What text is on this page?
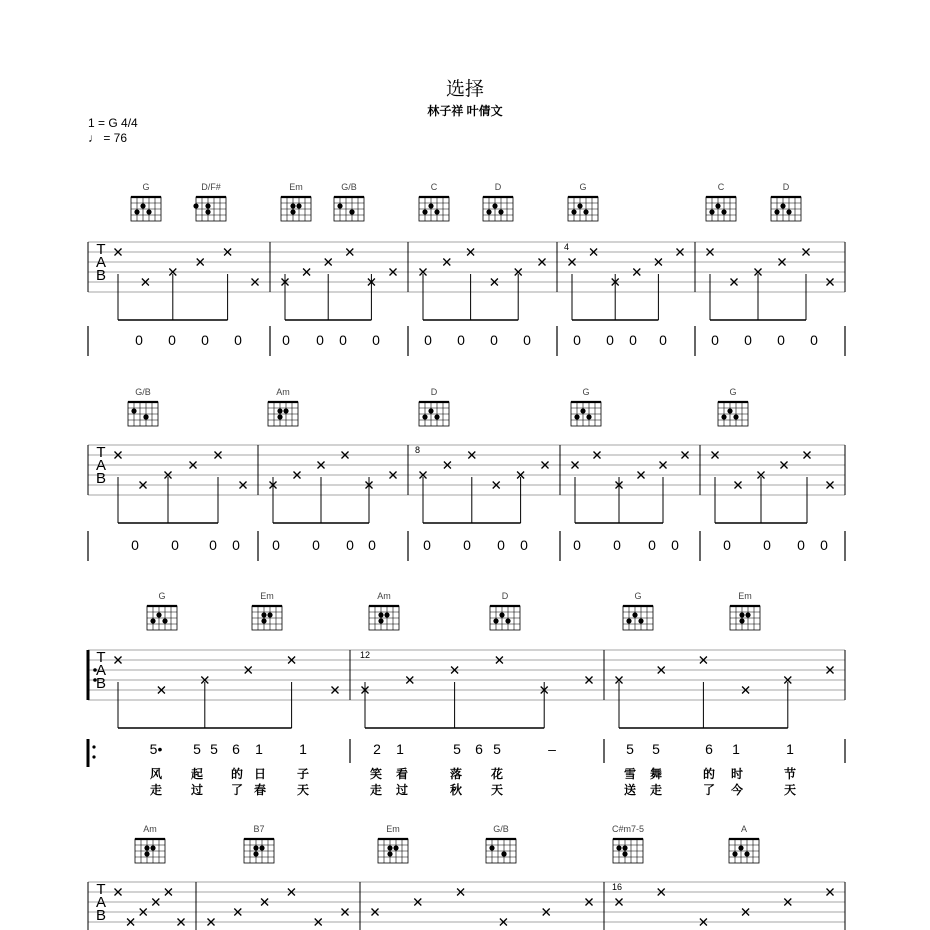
选择
林子祥 叶倩文
1 = G 4/4
♩ = 76
G	D/F#	Em	G/B	C	D	G	C	D
T
A
B
4
0 0 0 0	0 0 0 0	0 0 0 0	0 0 0 0	0 0 0 0
G/B	Am	D	G	G
T
A
B
8
0 0 0 0 0 0 0 0	0 0 0 0	0 0 0 0	0 0 0 0
G	Em	Am	D	G	Em
T
A
B
12
5• 5 5 6 1	1	2 1	5 6 5	–	5 5	6 1	1
风 起 的 日	子	笑 看	落 花	雪 舞	的 时	节
走 过 了 春	天	走 过	秋 天	送 走	了 今	天
Am	B7	Em	G/B	C#m7-5	A
T
A
B
16
